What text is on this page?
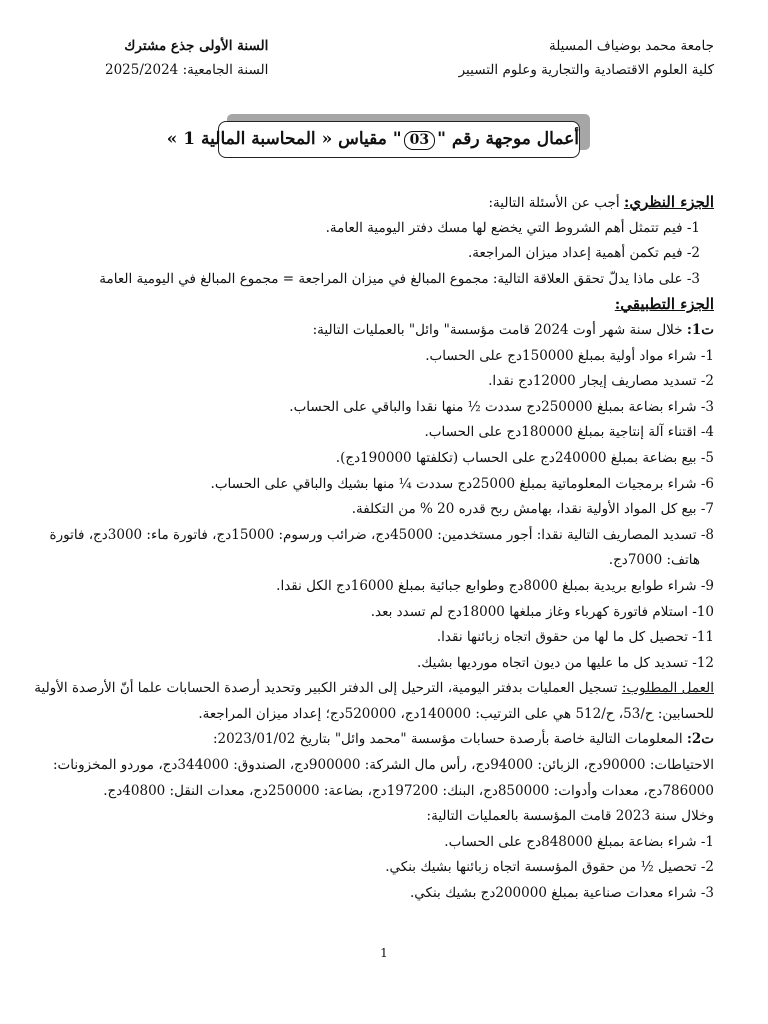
جامعة محمد بوضياف المسيلة
كلية العلوم الاقتصادية والتجارية وعلوم التسيير
السنة الأولى جذع مشترك
السنة الجامعية: 2025/2024
أعمال موجهة رقم "03" مقياس « المحاسبة المالية 1 »
الجزء النظري: أجب عن الأسئلة التالية:
1- فيم تتمثل أهم الشروط التي يخضع لها مسك دفتر اليومية العامة.
2- فيم تكمن أهمية إعداد ميزان المراجعة.
3- على ماذا يدلّ تحقق العلاقة التالية: مجموع المبالغ في ميزان المراجعة = مجموع المبالغ في اليومية العامة
الجزء التطبيقي:
ت1: خلال سنة شهر أوت 2024 قامت مؤسسة" وائل" بالعمليات التالية:
1- شراء مواد أولية بمبلغ 150000دج على الحساب.
2- تسديد مصاريف إيجار 12000دج نقدا.
3- شراء بضاعة بمبلغ 250000دج سددت ½ منها نقدا والباقي على الحساب.
4- اقتناء آلة إنتاجية بمبلغ 180000دج على الحساب.
5- بيع بضاعة بمبلغ 240000دج على الحساب (تكلفتها 190000دج).
6- شراء برمجيات المعلوماتية بمبلغ 25000دج سددت ¼ منها بشيك والباقي على الحساب.
7- بيع كل المواد الأولية نقدا، بهامش ربح قدره 20 % من التكلفة.
8- تسديد المصاريف التالية نقدا: أجور مستخدمين: 45000دج، ضرائب ورسوم: 15000دج، فاتورة ماء: 3000دج، فاتورة
هاتف: 7000دج.
9- شراء طوابع بريدية بمبلغ 8000دج وطوابع جبائية بمبلغ 16000دج الكل نقدا.
10- استلام فاتورة كهرباء وغاز مبلغها 18000دج لم تسدد بعد.
11- تحصيل كل ما لها من حقوق اتجاه زبائنها نقدا.
12- تسديد كل ما عليها من ديون اتجاه مورديها بشيك.
العمل المطلوب: تسجيل العمليات بدفتر اليومية، الترحيل إلى الدفتر الكبير وتحديد أرصدة الحسابات علما أنّ الأرصدة الأولية
للحسابين: ح/53، ح/512 هي على الترتيب: 140000دج، 520000دج؛ إعداد ميزان المراجعة.
ت2: المعلومات التالية خاصة بأرصدة حسابات مؤسسة "محمد وائل" بتاريخ 2023/01/02:
الاحتياطات: 90000دج، الزبائن: 94000دج، رأس مال الشركة: 900000دج، الصندوق: 344000دج، موردو المخزونات:
786000دج، معدات وأدوات: 850000دج، البنك: 197200دج، بضاعة: 250000دج، معدات النقل: 40800دج.
وخلال سنة 2023 قامت المؤسسة بالعمليات التالية:
1- شراء بضاعة بمبلغ 848000دج على الحساب.
2- تحصيل ½ من حقوق المؤسسة اتجاه زبائنها بشيك بنكي.
3- شراء معدات صناعية بمبلغ 200000دج بشيك بنكي.
1
